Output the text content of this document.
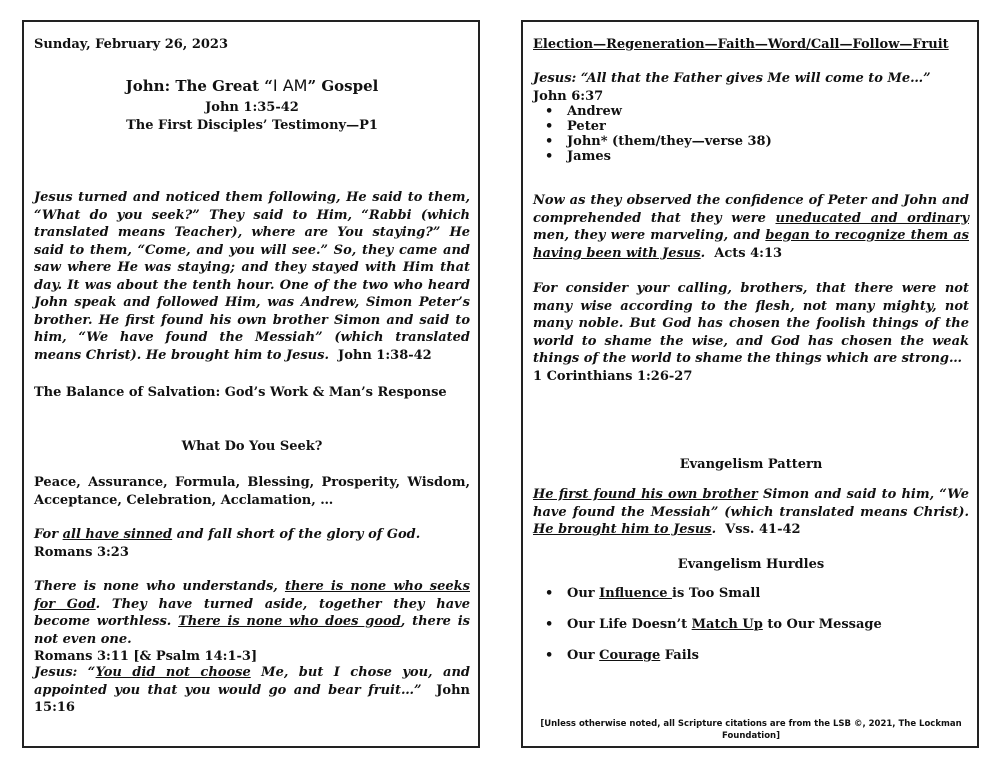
Sunday, February 26, 2023

John: The Great “I AM” Gospel

John 1:35-42

The First Disciples’ Testimony—P1

Jesus turned and noticed them following, He said to them, “What do you seek?” They said to Him, “Rabbi (which translated means Teacher), where are You staying?” He said to them, “Come, and you will see.” So, they came and saw where He was staying; and they stayed with Him that day. It was about the tenth hour. One of the two who heard John speak and followed Him, was Andrew, Simon Peter’s brother. He first found his own brother Simon and said to him, “We have found the Messiah” (which translated means Christ). He brought him to Jesus. John 1:38-42

The Balance of Salvation: God’s Work & Man’s Response

What Do You Seek?

Peace, Assurance, Formula, Blessing, Prosperity, Wisdom, Acceptance, Celebration, Acclamation, …

For all have sinned and fall short of the glory of God.
Romans 3:23

There is none who understands, there is none who seeks for God. They have turned aside, together they have become worthless. There is none who does good, there is not even one.
Romans 3:11 [& Psalm 14:1-3]

Jesus: “You did not choose Me, but I chose you, and appointed you that you would go and bear fruit…” John 15:16

Election—Regeneration—Faith—Word/Call—Follow—Fruit

Jesus: “All that the Father gives Me will come to Me…”  John 6:37

• Andrew
• Peter
• John* (them/they—verse 38)
• James

Now as they observed the confidence of Peter and John and comprehended that they were uneducated and ordinary men, they were marveling, and began to recognize them as having been with Jesus. Acts 4:13

For consider your calling, brothers, that there were not many wise according to the flesh, not many mighty, not many noble. But God has chosen the foolish things of the world to shame the wise, and God has chosen the weak things of the world to shame the things which are strong…
1 Corinthians 1:26-27

Evangelism Pattern

He first found his own brother Simon and said to him, “We have found the Messiah” (which translated means Christ). He brought him to Jesus. Vss. 41-42

Evangelism Hurdles

• Our Influence is Too Small
• Our Life Doesn’t Match Up to Our Message
• Our Courage Fails

[Unless otherwise noted, all Scripture citations are from the LSB ©, 2021, The Lockman Foundation]
